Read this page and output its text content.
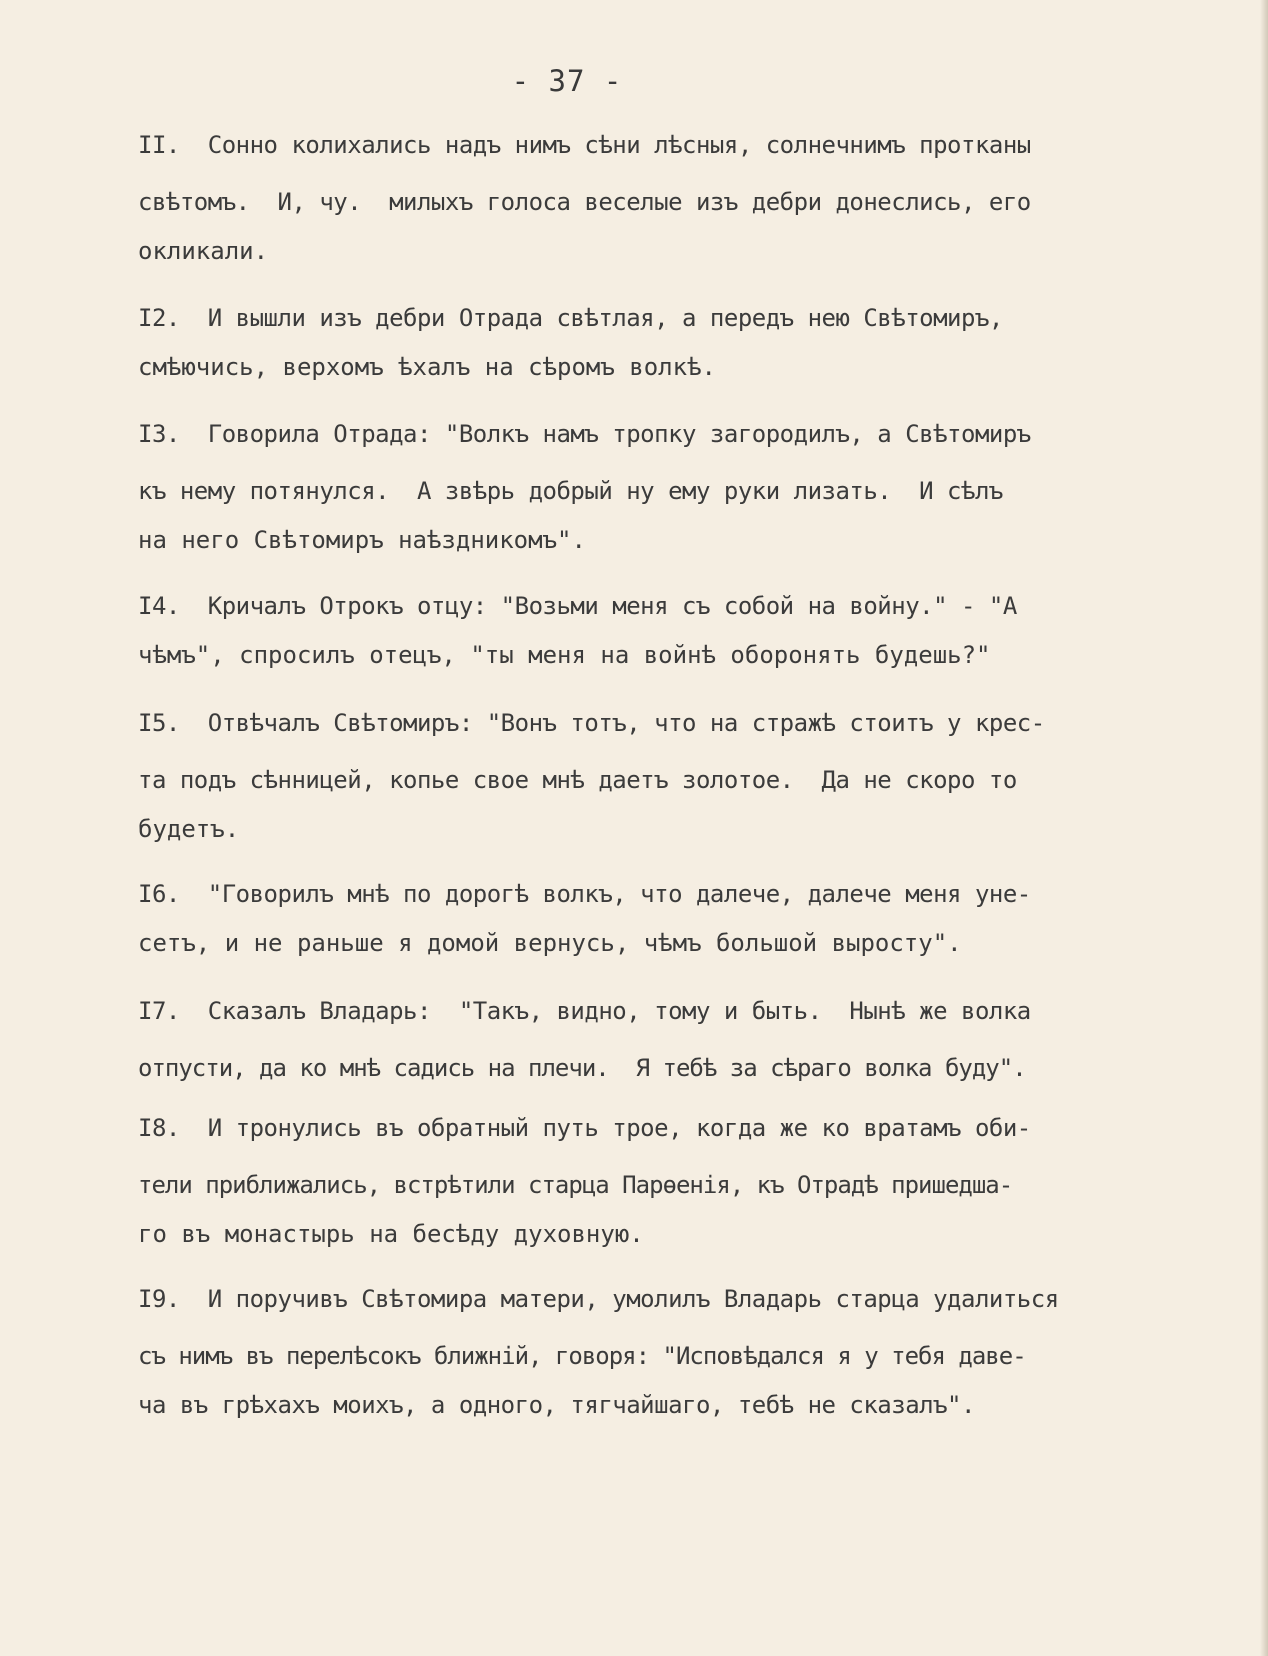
- 37 -
II.  Сонно колихались надъ нимъ сѣни лѣсныя, солнечнимъ протканы
свѣтомъ.  И, чу.  милыхъ голоса веселые изъ дебри донеслись, его
окликали.
I2.  И вышли изъ дебри Отрада свѣтлая, а передъ нею Свѣтомиръ,
смѣючись, верхомъ ѣхалъ на сѣромъ волкѣ.
I3.  Говорила Отрада: "Волкъ намъ тропку загородилъ, а Свѣтомиръ
къ нему потянулся.  А звѣрь добрый ну ему руки лизать.  И сѣлъ
на него Свѣтомиръ наѣздникомъ".
I4.  Кричалъ Отрокъ отцу: "Возьми меня съ собой на войну." - "А
чѣмъ", спросилъ отецъ, "ты меня на войнѣ оборонять будешь?"
I5.  Отвѣчалъ Свѣтомиръ: "Вонъ тотъ, что на стражѣ стоитъ у крес-
та подъ сѣнницей, копье свое мнѣ даетъ золотое.  Да не скоро то
будетъ.
I6.  "Говорилъ мнѣ по дорогѣ волкъ, что далече, далече меня уне-
сетъ, и не раньше я домой вернусь, чѣмъ большой выросту".
I7.  Сказалъ Владарь:  "Такъ, видно, тому и быть.  Нынѣ же волка
отпусти, да ко мнѣ садись на плечи.  Я тебѣ за сѣраго волка буду".
I8.  И тронулись въ обратный путь трое, когда же ко вратамъ оби-
тели приближались, встрѣтили старца Парѳенія, къ Отрадѣ пришедша-
го въ монастырь на бесѣду духовную.
I9.  И поручивъ Свѣтомира матери, умолилъ Владарь старца удалиться
съ нимъ въ перелѣсокъ ближній, говоря: "Исповѣдался я у тебя даве-
ча въ грѣхахъ моихъ, а одного, тягчайшаго, тебѣ не сказалъ".
